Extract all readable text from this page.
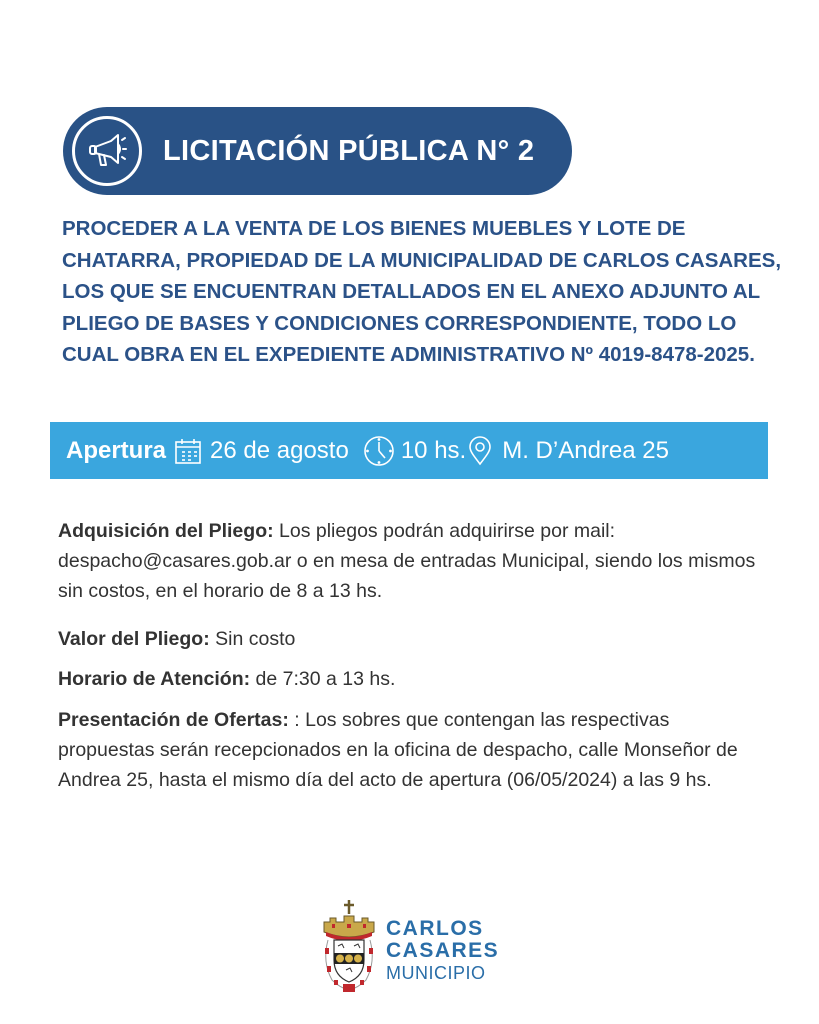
LICITACIÓN PÚBLICA N° 2

PROCEDER A LA VENTA DE LOS BIENES MUEBLES Y LOTE DE CHATARRA, PROPIEDAD DE LA MUNICIPALIDAD DE CARLOS CASARES, LOS QUE SE ENCUENTRAN DETALLADOS EN EL ANEXO ADJUNTO AL PLIEGO DE BASES Y CONDICIONES CORRESPONDIENTE, TODO LO CUAL OBRA EN EL EXPEDIENTE ADMINISTRATIVO Nº 4019-8478-2025.

Apertura 26 de agosto 10 hs. M. D’Andrea 25

Adquisición del Pliego: Los pliegos podrán adquirirse por mail: despacho@casares.gob.ar o en mesa de entradas Municipal, siendo los mismos sin costos, en el horario de 8 a 13 hs.

Valor del Pliego: Sin costo

Horario de Atención: de 7:30 a 13 hs.

Presentación de Ofertas: : Los sobres que contengan las respectivas propuestas serán recepcionados en la oficina de despacho, calle Monseñor de Andrea 25, hasta el mismo día del acto de apertura (06/05/2024) a las 9 hs.

CARLOS
CASARES
MUNICIPIO
